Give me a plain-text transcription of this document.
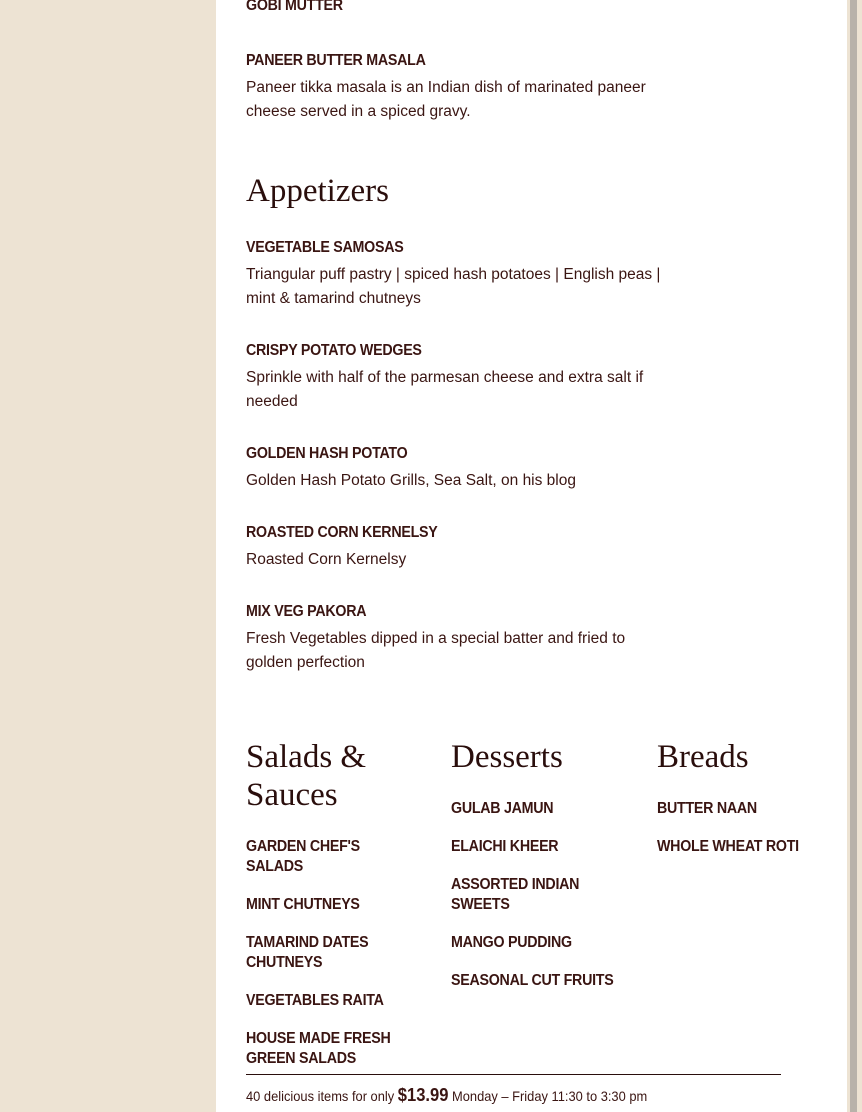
GOBI MUTTER
PANEER BUTTER MASALA

Paneer tikka masala is an Indian dish of marinated paneer cheese served in a spiced gravy.

Appetizers
VEGETABLE SAMOSAS

Triangular puff pastry | spiced hash potatoes | English peas | mint & tamarind chutneys

CRISPY POTATO WEDGES

Sprinkle with half of the parmesan cheese and extra salt if needed

GOLDEN HASH POTATO

Golden Hash Potato Grills, Sea Salt, on his blog

ROASTED CORN KERNELSY

Roasted Corn Kernelsy

MIX VEG PAKORA

Fresh Vegetables dipped in a special batter and fried to golden perfection

Salads & Sauces
GARDEN CHEF'S SALADS
MINT CHUTNEYS
TAMARIND DATES CHUTNEYS
VEGETABLES RAITA
HOUSE MADE FRESH GREEN SALADS
Desserts
GULAB JAMUN
ELAICHI KHEER
ASSORTED INDIAN SWEETS
MANGO PUDDING
SEASONAL CUT FRUITS
Breads
BUTTER NAAN
WHOLE WHEAT ROTI

40 delicious items for only $13.99 Monday – Friday 11:30 to 3:30 pm
